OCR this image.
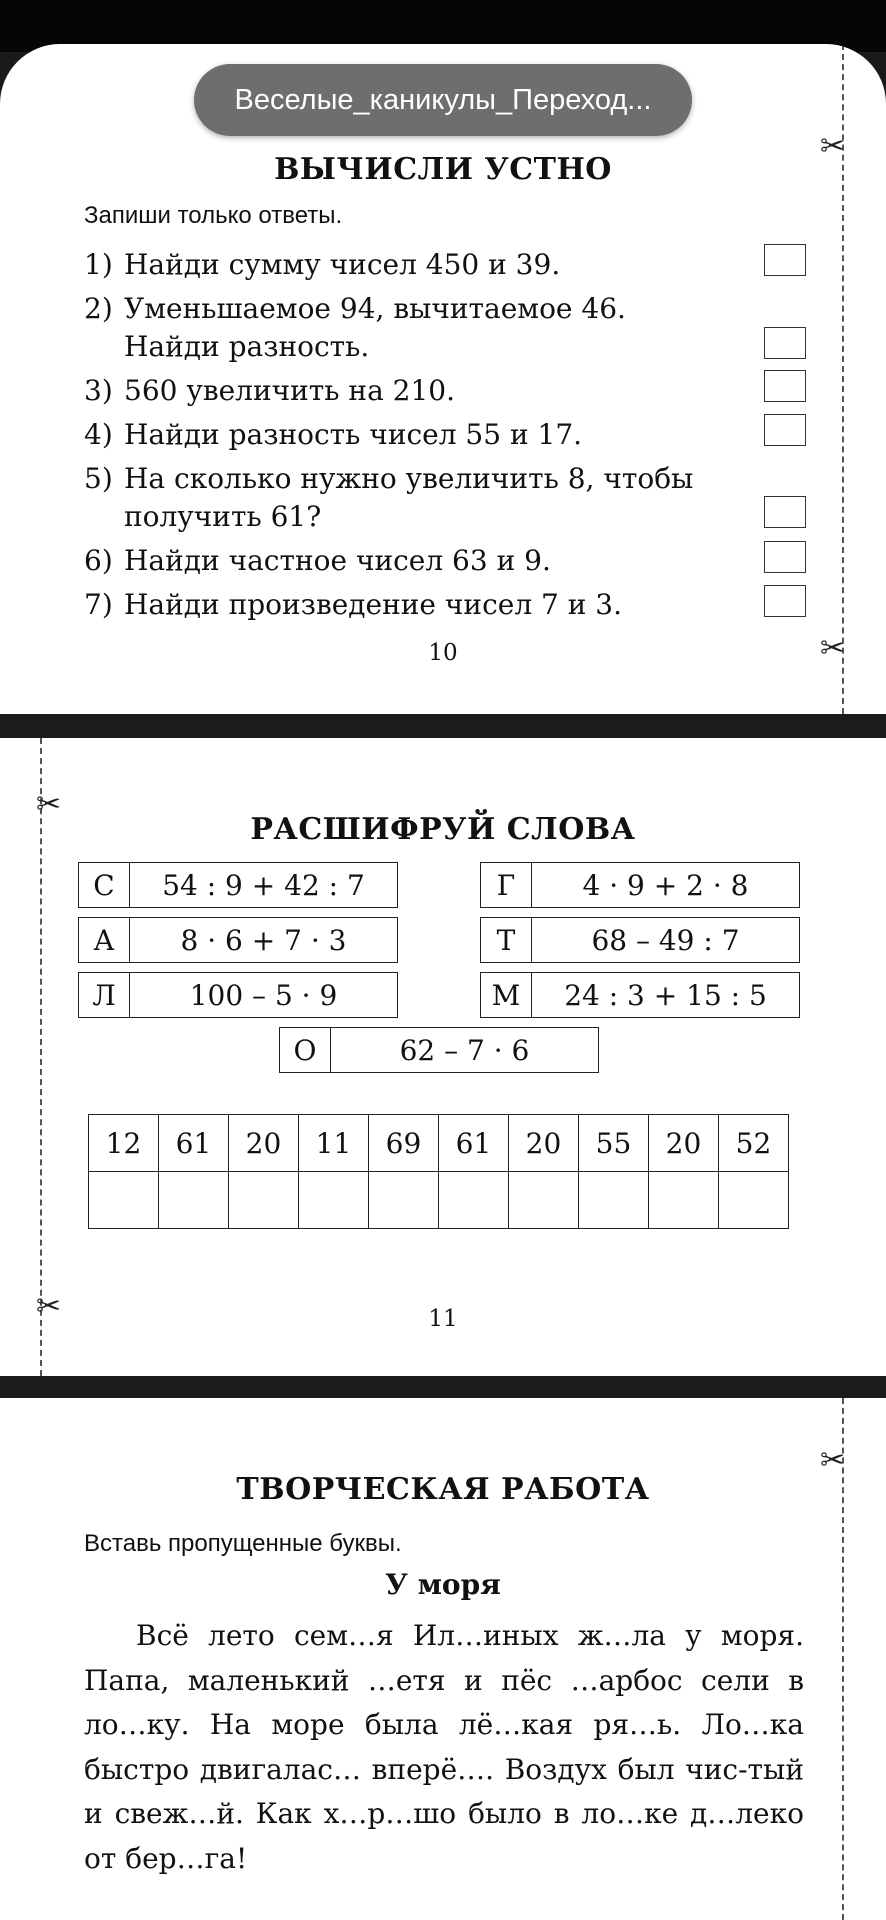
✂
✂
Веселые_каникулы_Переход...
ВЫЧИСЛИ УСТНО
Запиши только ответы.
1) Найди сумму чисел 450 и 39.
2) Уменьшаемое 94, вычитаемое 46.
Найди разность.
3) 560 увеличить на 210.
4) Найди разность чисел 55 и 17.
5) На сколько нужно увеличить 8, чтобы
получить 61?
6) Найди частное чисел 63 и 9.
7) Найди произведение чисел 7 и 3.
10
✂
✂
РАСШИФРУЙ СЛОВА
С	54 : 9 + 42 : 7	Г	4 · 9 + 2 · 8
А	8 · 6 + 7 · 3	Т	68 – 49 : 7
Л	100 – 5 · 9	М	24 : 3 + 15 : 5
О	62 – 7 · 6
12	61	20	11	69	61	20	55	20	52

11
✂
ТВОРЧЕСКАЯ РАБОТА
Вставь пропущенные буквы.
У моря
Всё лето сем…я Ил…иных ж…ла у моря. Папа, маленький …етя и пёс …арбос сели в ло…ку. На море была лё…кая ря…ь. Ло…ка быстро двигалас… вперё…. Воздух был чис-тый и свеж…й. Как х…р…шо было в ло…ке д…леко от бер…га!
